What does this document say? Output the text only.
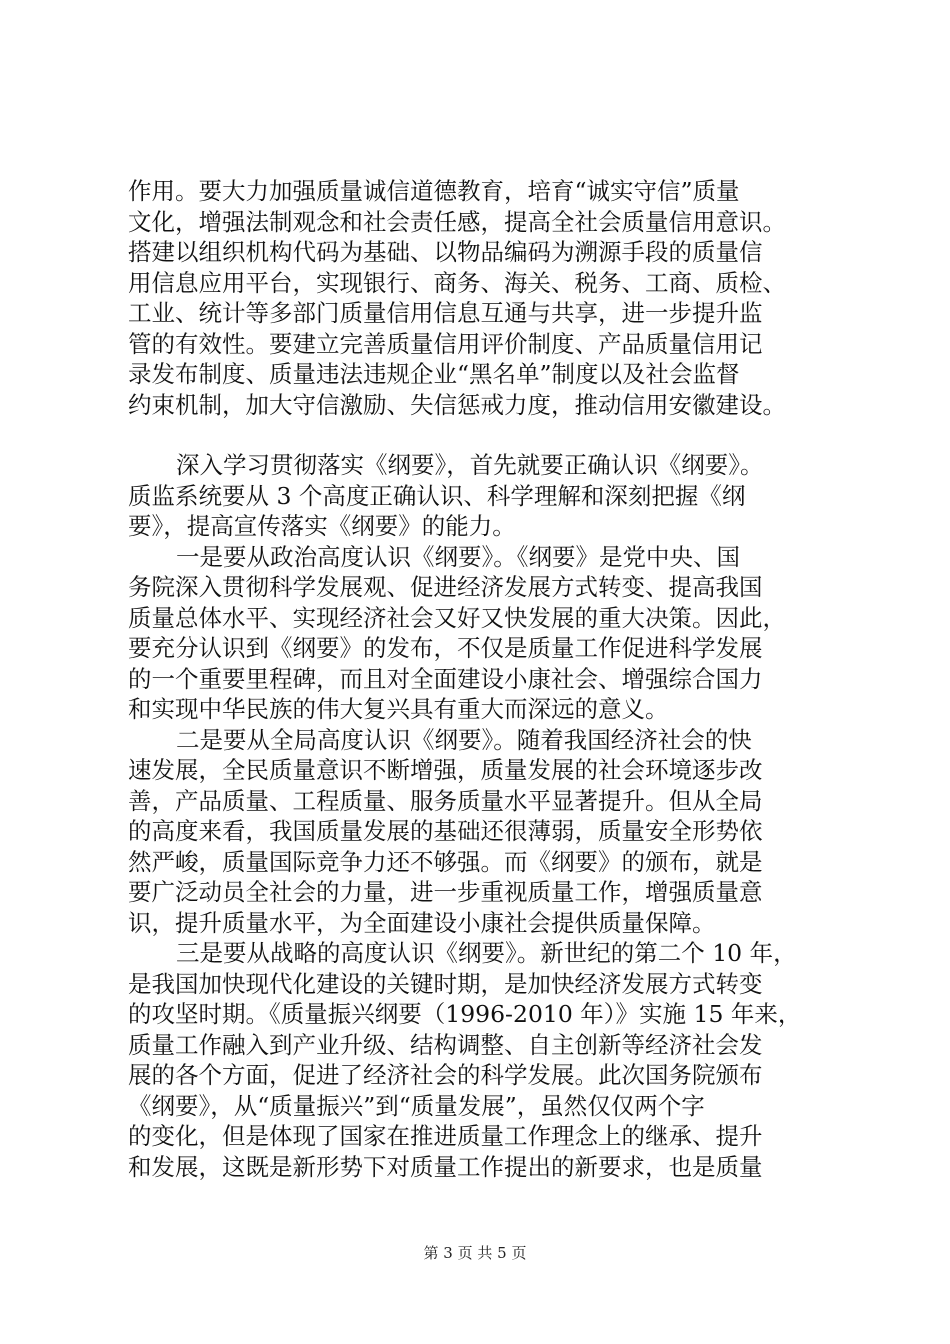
作用。要大力加强质量诚信道德教育，培育“诚实守信”质量
文化，增强法制观念和社会责任感，提高全社会质量信用意识。
搭建以组织机构代码为基础、以物品编码为溯源手段的质量信
用信息应用平台，实现银行、商务、海关、税务、工商、质检、
工业、统计等多部门质量信用信息互通与共享，进一步提升监
管的有效性。要建立完善质量信用评价制度、产品质量信用记
录发布制度、质量违法违规企业“黑名单”制度以及社会监督
约束机制，加大守信激励、失信惩戒力度，推动信用安徽建设。
深入学习贯彻落实《纲要》，首先就要正确认识《纲要》。
质监系统要从 3 个高度正确认识、科学理解和深刻把握《纲
要》，提高宣传落实《纲要》的能力。
一是要从政治高度认识《纲要》。《纲要》是党中央、国
务院深入贯彻科学发展观、促进经济发展方式转变、提高我国
质量总体水平、实现经济社会又好又快发展的重大决策。因此，
要充分认识到《纲要》的发布，不仅是质量工作促进科学发展
的一个重要里程碑，而且对全面建设小康社会、增强综合国力
和实现中华民族的伟大复兴具有重大而深远的意义。
二是要从全局高度认识《纲要》。随着我国经济社会的快
速发展，全民质量意识不断增强，质量发展的社会环境逐步改
善，产品质量、工程质量、服务质量水平显著提升。但从全局
的高度来看，我国质量发展的基础还很薄弱，质量安全形势依
然严峻，质量国际竞争力还不够强。而《纲要》的颁布，就是
要广泛动员全社会的力量，进一步重视质量工作，增强质量意
识，提升质量水平，为全面建设小康社会提供质量保障。
三是要从战略的高度认识《纲要》。新世纪的第二个 10 年，
是我国加快现代化建设的关键时期，是加快经济发展方式转变
的攻坚时期。《质量振兴纲要（1996-2010 年）》实施 15 年来，
质量工作融入到产业升级、结构调整、自主创新等经济社会发
展的各个方面，促进了经济社会的科学发展。此次国务院颁布
《纲要》，从“质量振兴”到“质量发展”，虽然仅仅两个字
的变化，但是体现了国家在推进质量工作理念上的继承、提升
和发展，这既是新形势下对质量工作提出的新要求，也是质量
第 3 页 共 5 页
